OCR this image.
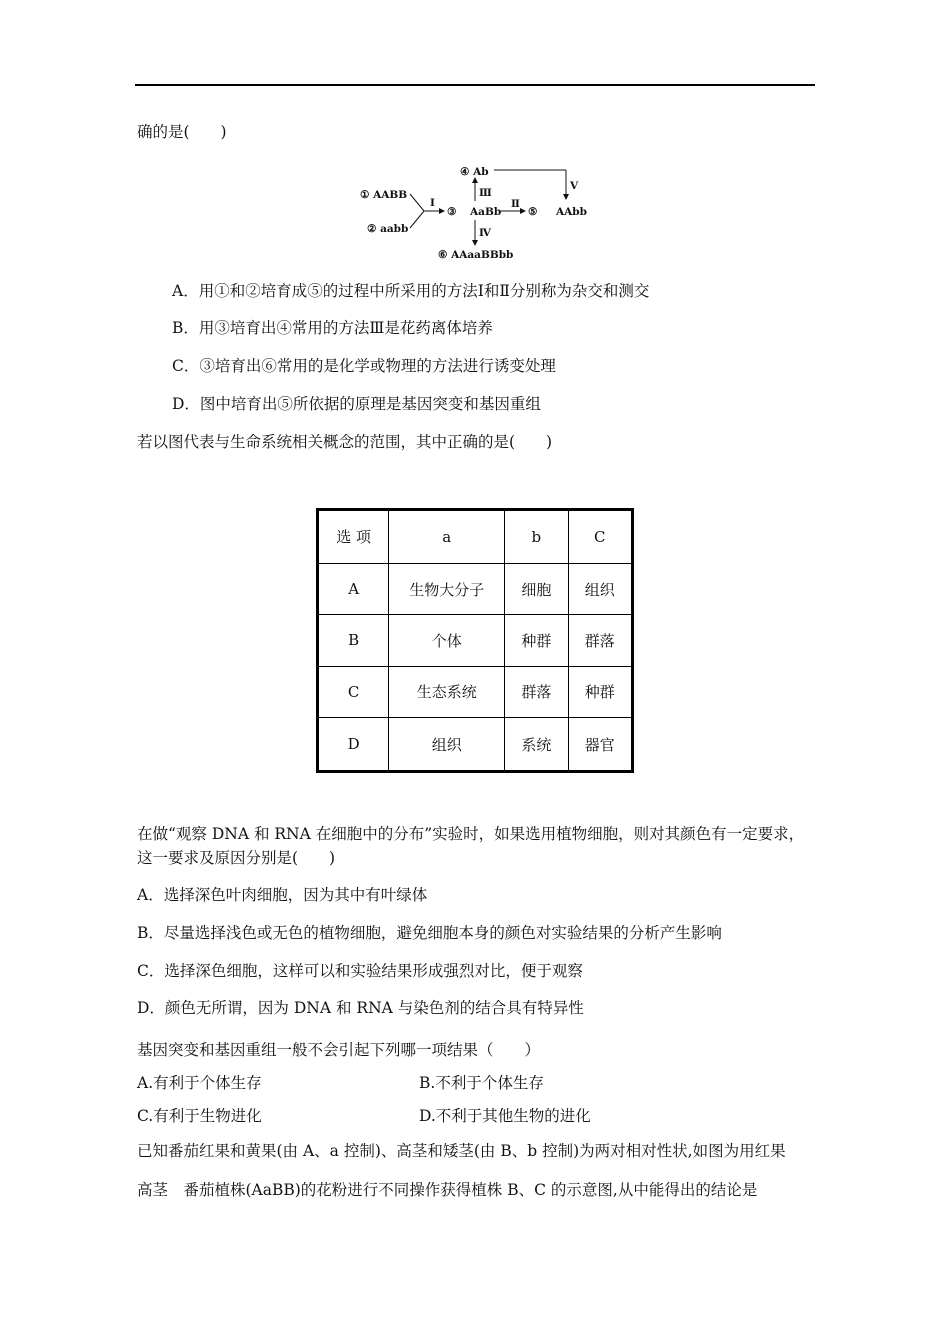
确的是(　　)
① AABB
② aabb
Ⅰ
③ AaBb
④ Ab
Ⅲ
Ⅴ
Ⅱ
⑤ AAbb
Ⅳ
⑥ AAaaBBbb
A．用①和②培育成⑤的过程中所采用的方法Ⅰ和Ⅱ分别称为杂交和测交
B．用③培育出④常用的方法Ⅲ是花药离体培养
C．③培育出⑥常用的是化学或物理的方法进行诱变处理
D．图中培育出⑤所依据的原理是基因突变和基因重组
若以图代表与生命系统相关概念的范围，其中正确的是(　　)
选 项	a	b	C
A	生物大分子	细胞	组织
B	个体	种群	群落
C	生态系统	群落	种群
D	组织	系统	器官
在做“观察 DNA 和 RNA 在细胞中的分布”实验时，如果选用植物细胞，则对其颜色有一定要求，
这一要求及原因分别是(　　)
A．选择深色叶肉细胞，因为其中有叶绿体
B．尽量选择浅色或无色的植物细胞，避免细胞本身的颜色对实验结果的分析产生影响
C．选择深色细胞，这样可以和实验结果形成强烈对比，便于观察
D．颜色无所谓，因为 DNA 和 RNA 与染色剂的结合具有特异性
基因突变和基因重组一般不会引起下列哪一项结果（　　）
A.有利于个体生存	B.不利于个体生存
C.有利于生物进化	D.不利于其他生物的进化
已知番茄红果和黄果(由 A、a 控制)、高茎和矮茎(由 B、b 控制)为两对相对性状,如图为用红果
高茎　番茄植株(AaBB)的花粉进行不同操作获得植株 B、C 的示意图,从中能得出的结论是
